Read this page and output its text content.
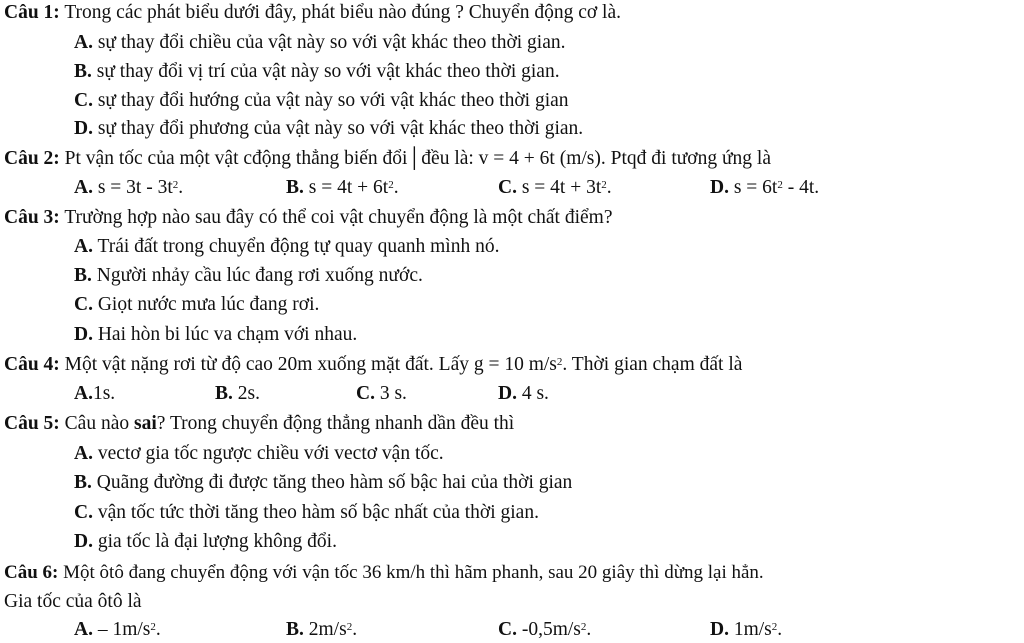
Câu 1: Trong các phát biểu dưới đây, phát biểu nào đúng ? Chuyển động cơ là.
A. sự thay đổi chiều của vật này so với vật khác theo thời gian.
B. sự thay đổi vị trí của vật này so với vật khác theo thời gian.
C. sự thay đổi hướng của vật này so với vật khác theo thời gian
D. sự thay đổi phương của vật này so với vật khác theo thời gian.
Câu 2: Pt vận tốc của một vật cđộng thẳng biến đổi│đều là: v = 4 + 6t (m/s). Ptqđ đi tương ứng là
A. $s = 3t - 3t^2$.	B. $s = 4t + 6t^2$.	C. $s = 4t + 3t^2$.	D. $s = 6t^2 - 4t$.
Câu 3: Trường hợp nào sau đây có thể coi vật chuyển động là một chất điểm?
A. Trái đất trong chuyển động tự quay quanh mình nó.
B. Người nhảy cầu lúc đang rơi xuống nước.
C. Giọt nước mưa lúc đang rơi.
D. Hai hòn bi lúc va chạm với nhau.
Câu 4: Một vật nặng rơi từ độ cao 20m xuống mặt đất. Lấy g = 10 $m/s^2$. Thời gian chạm đất là
A.1s.	B. 2s.	C. 3 s.	D. 4 s.
Câu 5: Câu nào sai? Trong chuyển động thẳng nhanh dần đều thì
A. vectơ gia tốc ngược chiều với vectơ vận tốc.
B. Quãng đường đi được tăng theo hàm số bậc hai của thời gian
C. vận tốc tức thời tăng theo hàm số bậc nhất của thời gian.
D. gia tốc là đại lượng không đổi.
Câu 6: Một ôtô đang chuyển động với vận tốc 36 km/h thì hãm phanh, sau 20 giây thì dừng lại hẳn.
Gia tốc của ôtô là
A. – $1m/s^2$.	B. $2m/s^2$.	C. $-0,5m/s^2$.	D. $1m/s^2$.
